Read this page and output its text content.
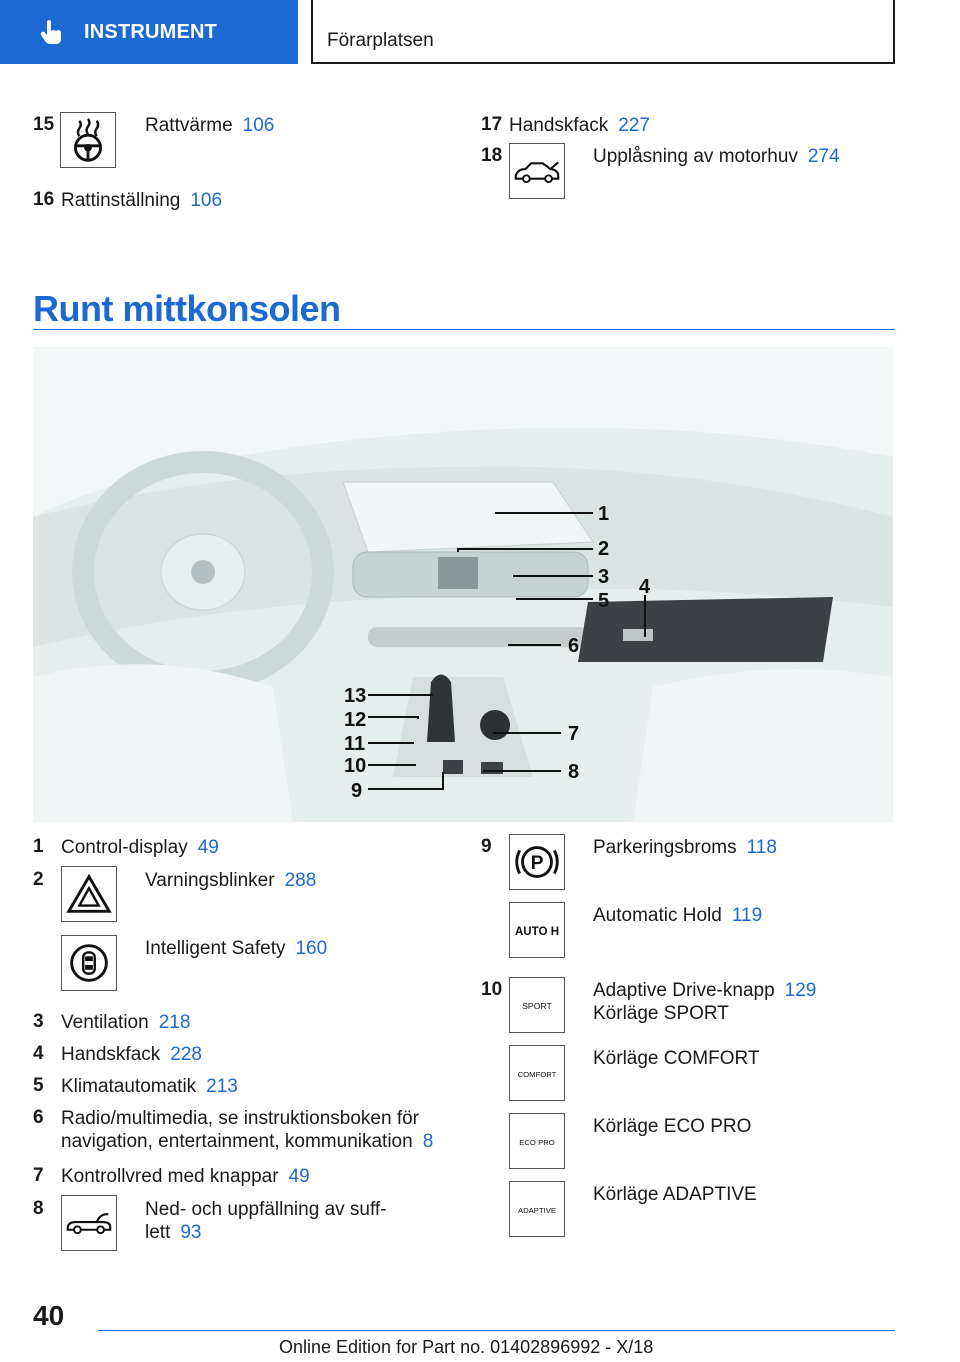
INSTRUMENT	Förarplatsen
15	Rattvärme 106
16 Rattinställning 106
17 Handskfack 227
18	Upplåsning av motorhuv 274
Runt mittkonsolen
1
2
3
5
4
6
13
12
11
10
9
7
8
1 Control-display 49
2	Varningsblinker 288
Intelligent Safety 160
3 Ventilation 218
4 Handskfack 228
5 Klimatautomatik 213
6 Radio/multimedia, se instruktionsboken för
navigation, entertainment, kommunikation 8
7 Kontrollvred med knappar 49
8	Ned- och uppfällning av suff-
lett 93
9
P
Parkeringsbroms 118
AUTO H
Automatic Hold 119
10
SPORT
Adaptive Drive-knapp 129
Körläge SPORT
COMFORT
Körläge COMFORT
ECO PRO
Körläge ECO PRO
ADAPTIVE
Körläge ADAPTIVE
40
Online Edition for Part no. 01402896992 - X/18
